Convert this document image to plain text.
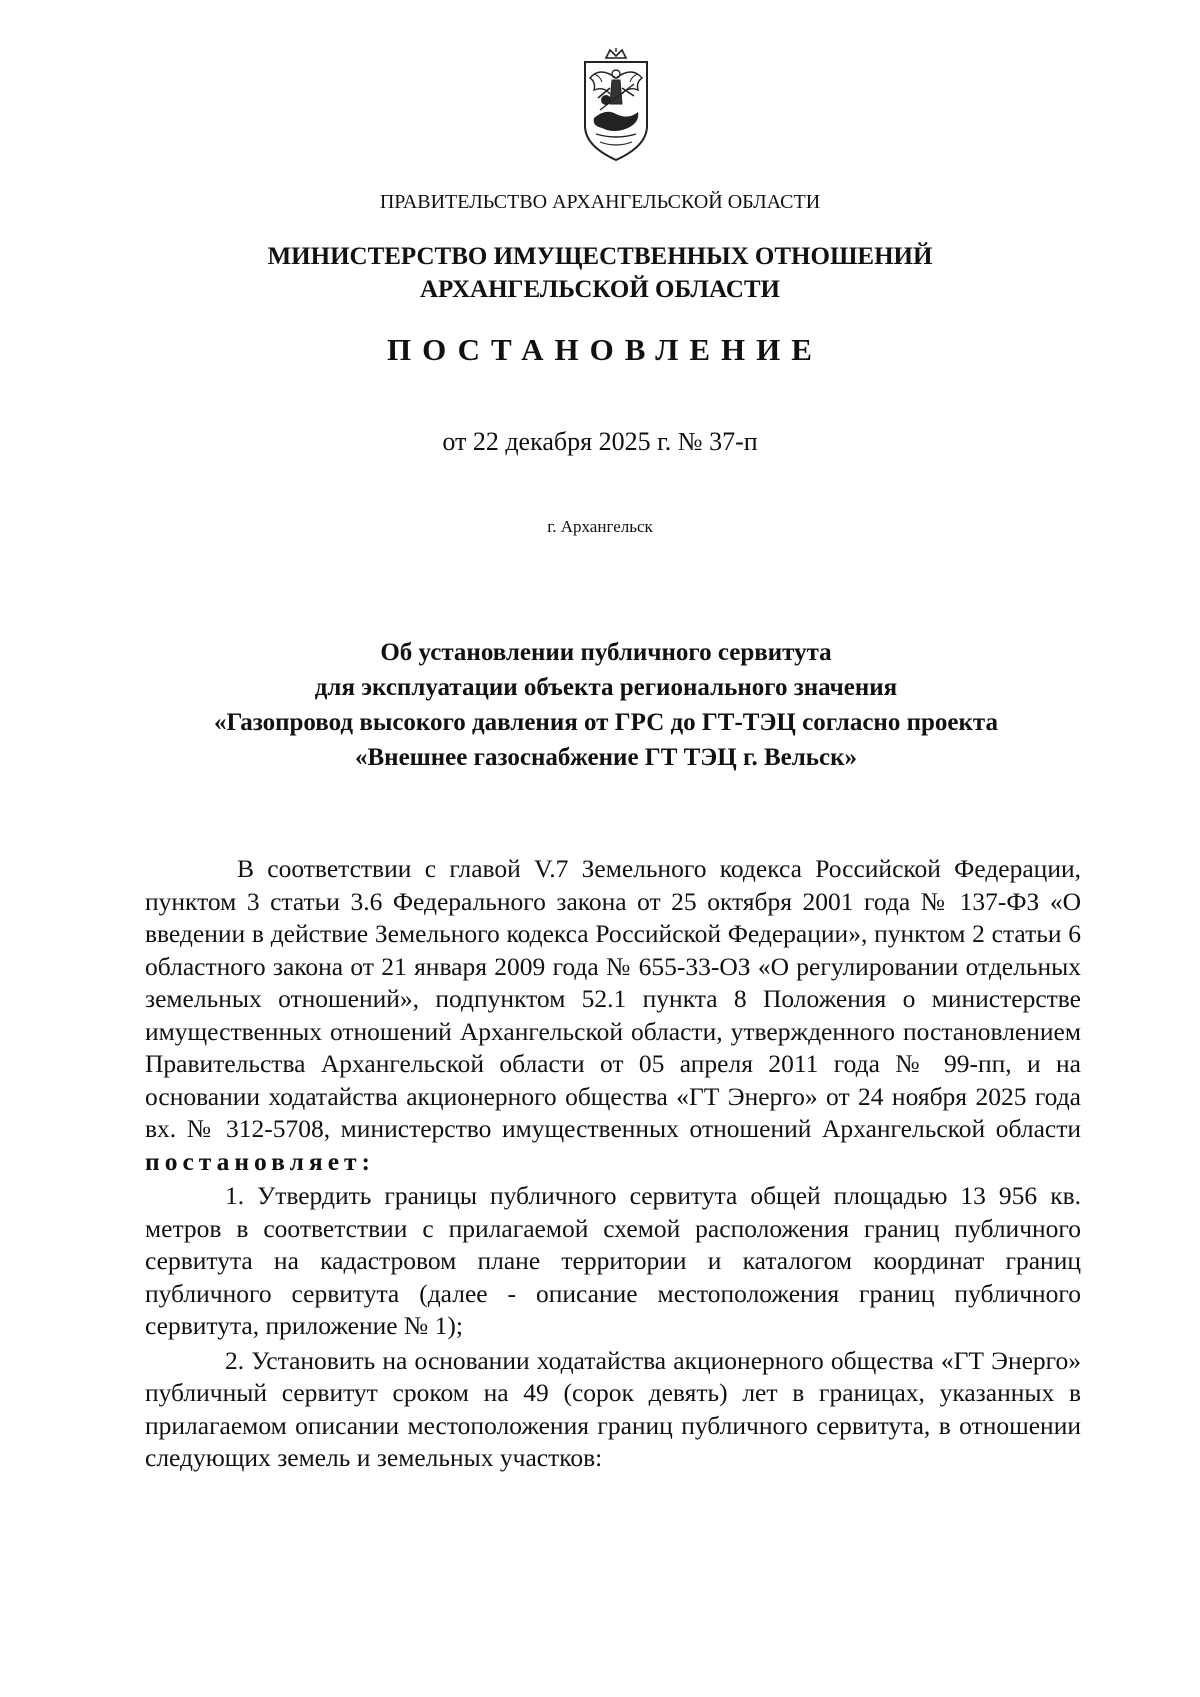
ПРАВИТЕЛЬСТВО АРХАНГЕЛЬСКОЙ ОБЛАСТИ
МИНИСТЕРСТВО ИМУЩЕСТВЕННЫХ ОТНОШЕНИЙ
АРХАНГЕЛЬСКОЙ ОБЛАСТИ
ПОСТАНОВЛЕНИЕ
от 22 декабря 2025 г. № 37-п
г. Архангельск
Об установлении публичного сервитута
для эксплуатации объекта регионального значения
«Газопровод высокого давления от ГРС до ГТ-ТЭЦ согласно проекта
«Внешнее газоснабжение ГТ ТЭЦ г. Вельск»

В соответствии с главой V.7 Земельного кодекса Российской Федерации, пунктом 3 статьи 3.6 Федерального закона от 25 октября 2001 года № 137-ФЗ «О введении в действие Земельного кодекса Российской Федерации», пунктом 2 статьи 6 областного закона от 21 января 2009 года № 655-33-ОЗ «О регулировании отдельных земельных отношений», подпунктом 52.1 пункта 8 Положения о министерстве имущественных отношений Архангельской области, утвержденного постановлением Правительства Архангельской области от 05 апреля 2011 года № 99-пп, и на основании ходатайства акционерного общества «ГТ Энерго» от 24 ноября 2025 года вх. № 312-5708, министерство имущественных отношений Архангельской области постановляет:

1. Утвердить границы публичного сервитута общей площадью 13 956 кв. метров в соответствии с прилагаемой схемой расположения границ публичного сервитута на кадастровом плане территории и каталогом координат границ публичного сервитута (далее - описание местоположения границ публичного сервитута, приложение № 1);

2. Установить на основании ходатайства акционерного общества «ГТ Энерго» публичный сервитут сроком на 49 (сорок девять) лет в границах, указанных в прилагаемом описании местоположения границ публичного сервитута, в отношении следующих земель и земельных участков:
